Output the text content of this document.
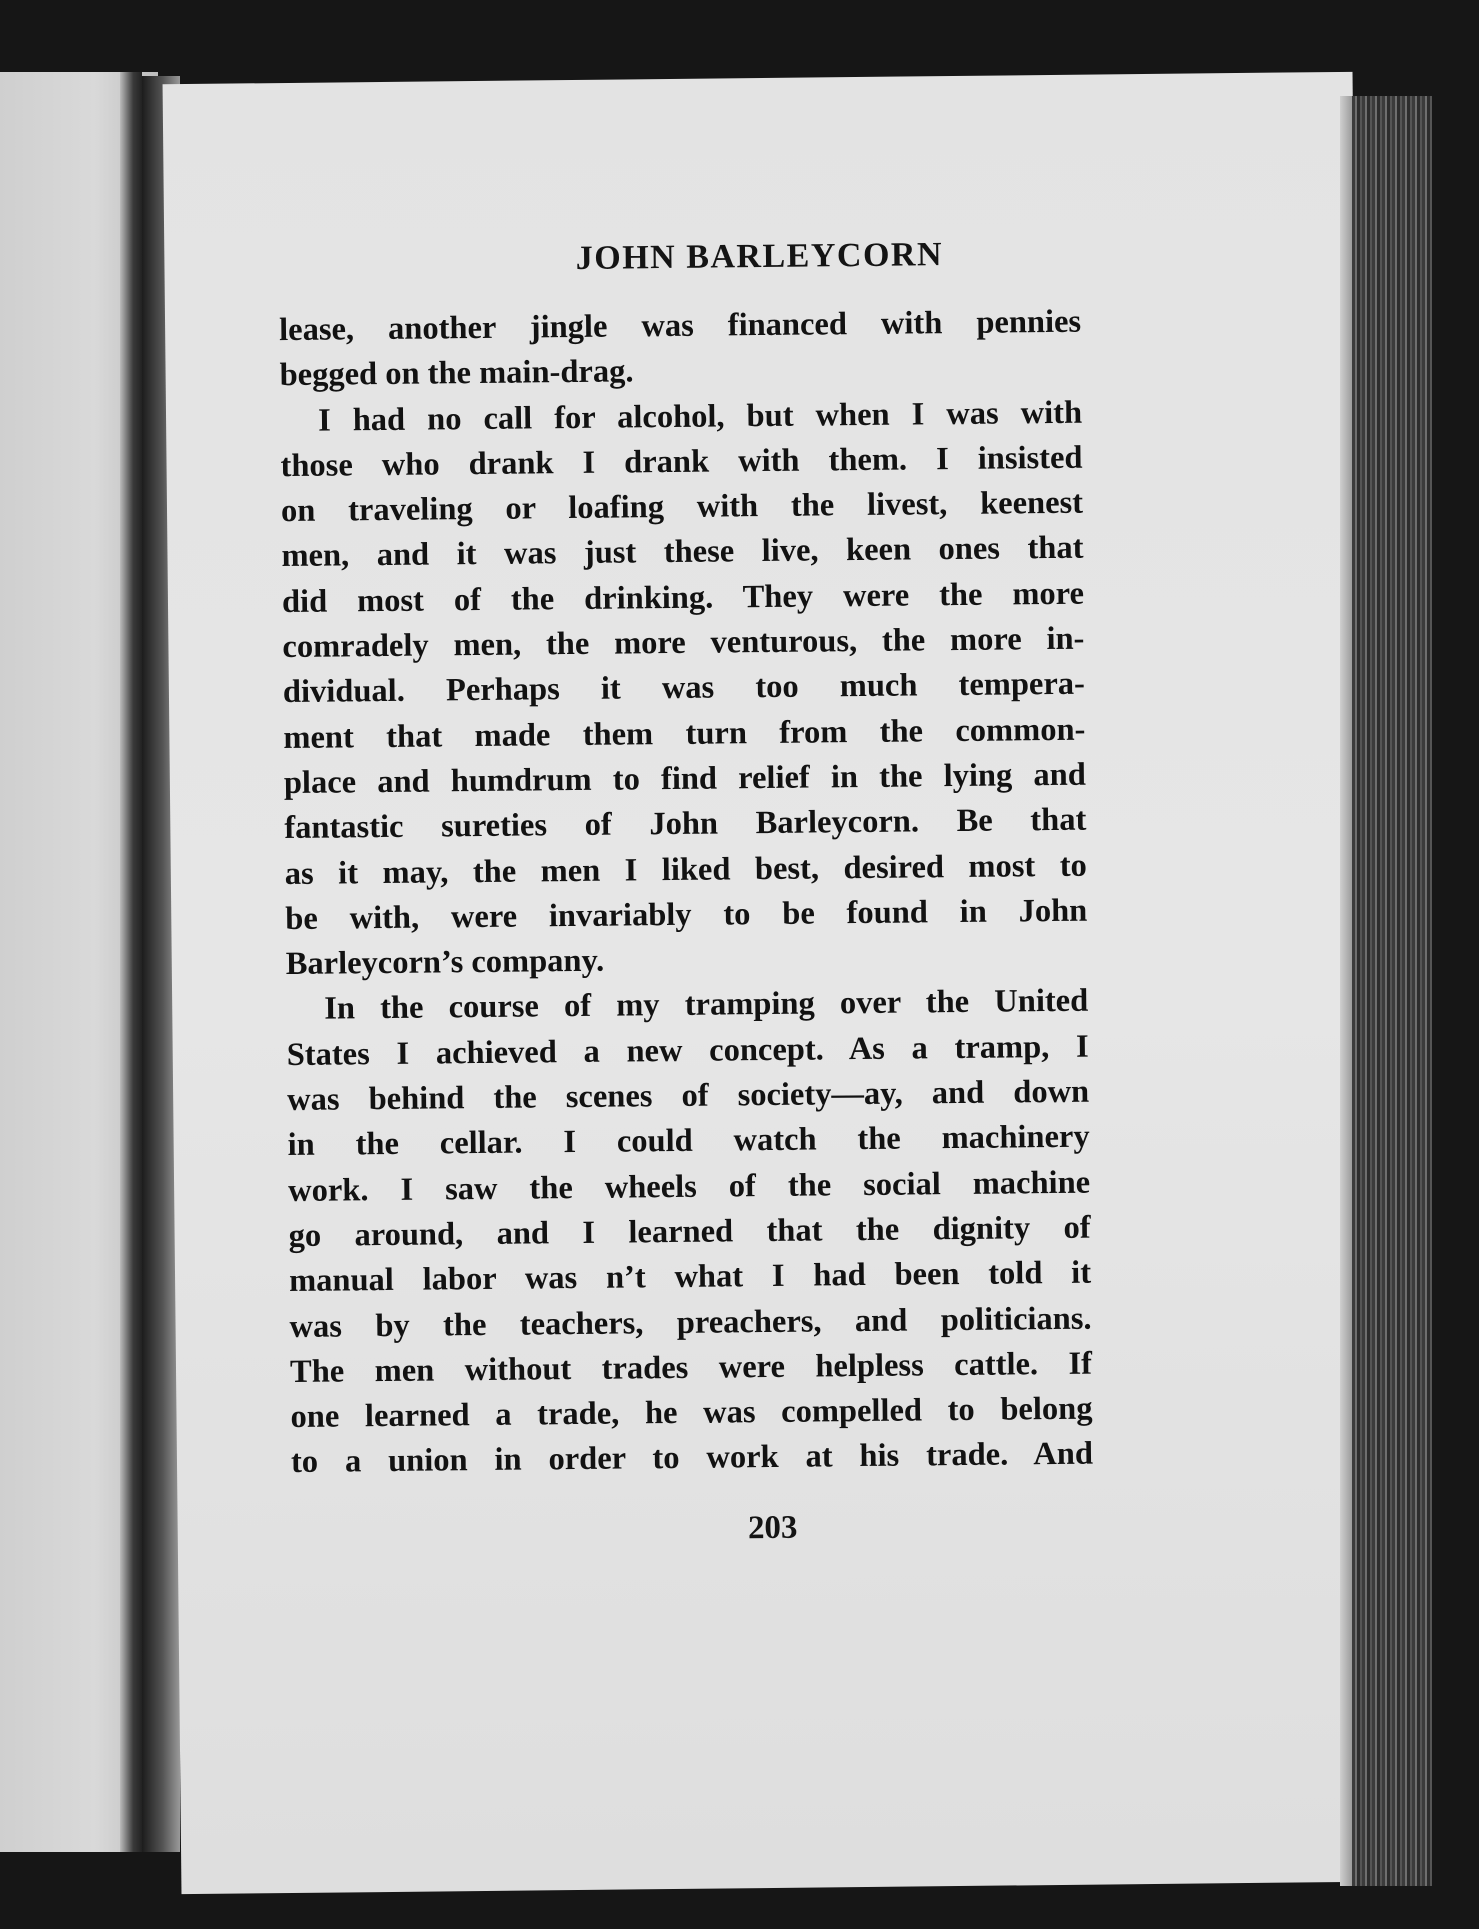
JOHN BARLEYCORN

lease, another jingle was financed with pennies

begged on the main-drag.

I had no call for alcohol, but when I was with

those who drank I drank with them. I insisted

on traveling or loafing with the livest, keenest

men, and it was just these live, keen ones that

did most of the drinking. They were the more

comradely men, the more venturous, the more in-

dividual. Perhaps it was too much tempera-

ment that made them turn from the common-

place and humdrum to find relief in the lying and

fantastic sureties of John Barleycorn. Be that

as it may, the men I liked best, desired most to

be with, were invariably to be found in John

Barleycorn’s company.

In the course of my tramping over the United

States I achieved a new concept. As a tramp, I

was behind the scenes of society—ay, and down

in the cellar. I could watch the machinery

work. I saw the wheels of the social machine

go around, and I learned that the dignity of

manual labor was n’t what I had been told it

was by the teachers, preachers, and politicians.

The men without trades were helpless cattle. If

one learned a trade, he was compelled to belong

to a union in order to work at his trade. And

203
